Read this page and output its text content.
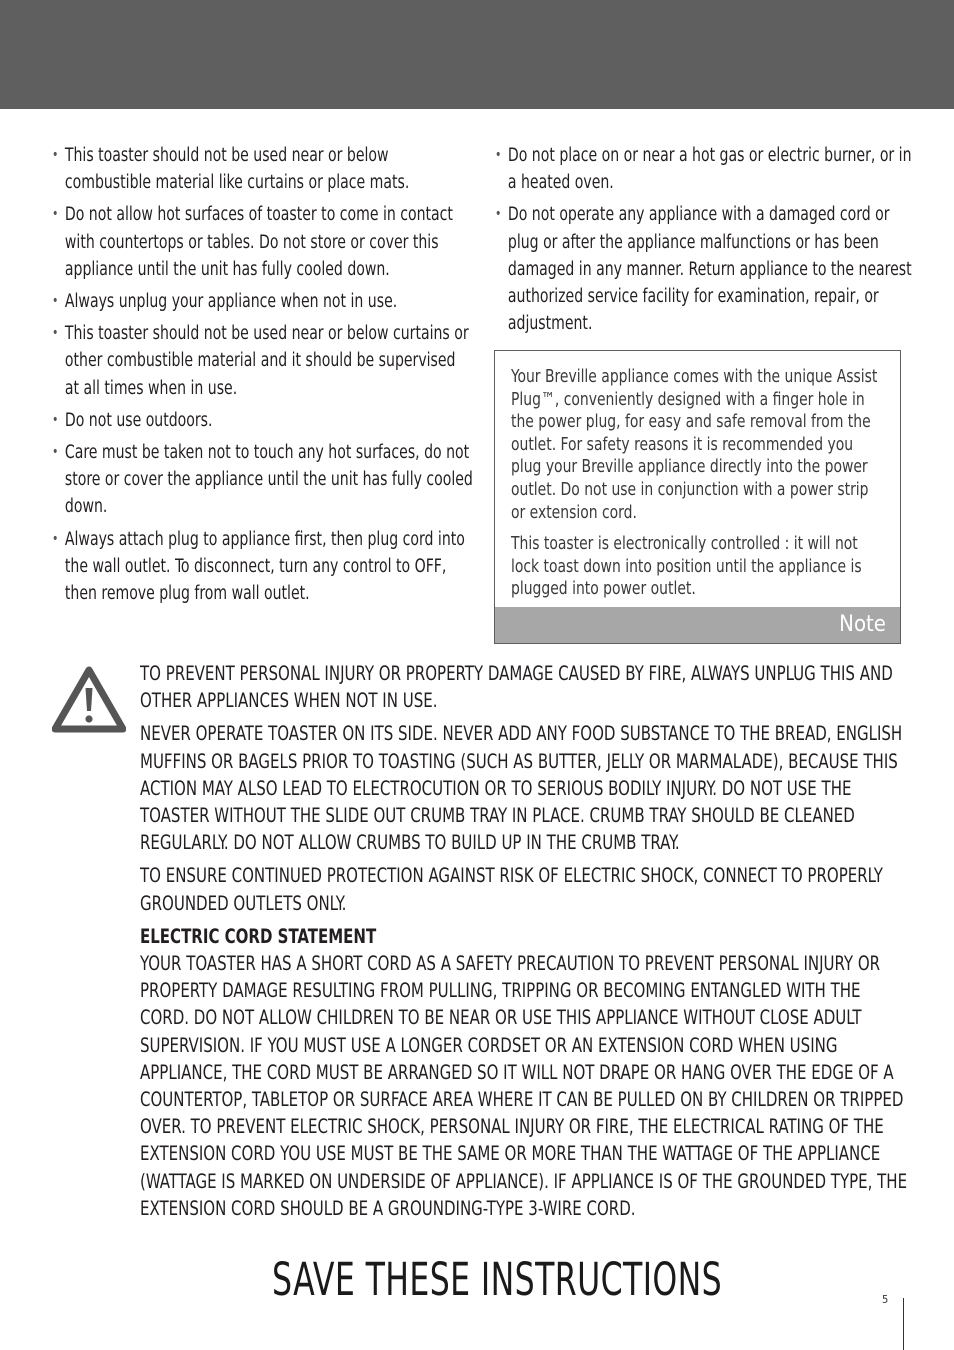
• This toaster should not be used near or below combustible material like curtains or place mats.
• Do not allow hot surfaces of toaster to come in contact with countertops or tables. Do not store or cover this appliance until the unit has fully cooled down.
• Always unplug your appliance when not in use.
• This toaster should not be used near or below curtains or other combustible material and it should be supervised at all times when in use.
• Do not use outdoors.
• Care must be taken not to touch any hot surfaces, do not store or cover the appliance until the unit has fully cooled down.
• Always attach plug to appliance first, then plug cord into the wall outlet. To disconnect, turn any control to OFF, then remove plug from wall outlet.
• Do not place on or near a hot gas or electric burner, or in a heated oven.
• Do not operate any appliance with a damaged cord or plug or after the appliance malfunctions or has been damaged in any manner. Return appliance to the nearest authorized service facility for examination, repair, or adjustment.

Your Breville appliance comes with the unique Assist Plug™, conveniently designed with a finger hole in the power plug, for easy and safe removal from the outlet. For safety reasons it is recommended you plug your Breville appliance directly into the power outlet. Do not use in conjunction with a power strip or extension cord.

This toaster is electronically controlled : it will not lock toast down into position until the appliance is plugged into power outlet.

Note

TO PREVENT PERSONAL INJURY OR PROPERTY DAMAGE CAUSED BY FIRE, ALWAYS UNPLUG THIS AND OTHER APPLIANCES WHEN NOT IN USE.

NEVER OPERATE TOASTER ON ITS SIDE. NEVER ADD ANY FOOD SUBSTANCE TO THE BREAD, ENGLISH MUFFINS OR BAGELS PRIOR TO TOASTING (SUCH AS BUTTER, JELLY OR MARMALADE), BECAUSE THIS ACTION MAY ALSO LEAD TO ELECTROCUTION OR TO SERIOUS BODILY INJURY. DO NOT USE THE TOASTER WITHOUT THE SLIDE OUT CRUMB TRAY IN PLACE. CRUMB TRAY SHOULD BE CLEANED REGULARLY. DO NOT ALLOW CRUMBS TO BUILD UP IN THE CRUMB TRAY.

TO ENSURE CONTINUED PROTECTION AGAINST RISK OF ELECTRIC SHOCK, CONNECT TO PROPERLY GROUNDED OUTLETS ONLY.

ELECTRIC CORD STATEMENT

YOUR TOASTER HAS A SHORT CORD AS A SAFETY PRECAUTION TO PREVENT PERSONAL INJURY OR PROPERTY DAMAGE RESULTING FROM PULLING, TRIPPING OR BECOMING ENTANGLED WITH THE CORD. DO NOT ALLOW CHILDREN TO BE NEAR OR USE THIS APPLIANCE WITHOUT CLOSE ADULT SUPERVISION. IF YOU MUST USE A LONGER CORDSET OR AN EXTENSION CORD WHEN USING APPLIANCE, THE CORD MUST BE ARRANGED SO IT WILL NOT DRAPE OR HANG OVER THE EDGE OF A COUNTERTOP, TABLETOP OR SURFACE AREA WHERE IT CAN BE PULLED ON BY CHILDREN OR TRIPPED OVER. TO PREVENT ELECTRIC SHOCK, PERSONAL INJURY OR FIRE, THE ELECTRICAL RATING OF THE EXTENSION CORD YOU USE MUST BE THE SAME OR MORE THAN THE WATTAGE OF THE APPLIANCE (WATTAGE IS MARKED ON UNDERSIDE OF APPLIANCE). IF APPLIANCE IS OF THE GROUNDED TYPE, THE EXTENSION CORD SHOULD BE A GROUNDING-TYPE 3-WIRE CORD.

SAVE THESE INSTRUCTIONS	5
